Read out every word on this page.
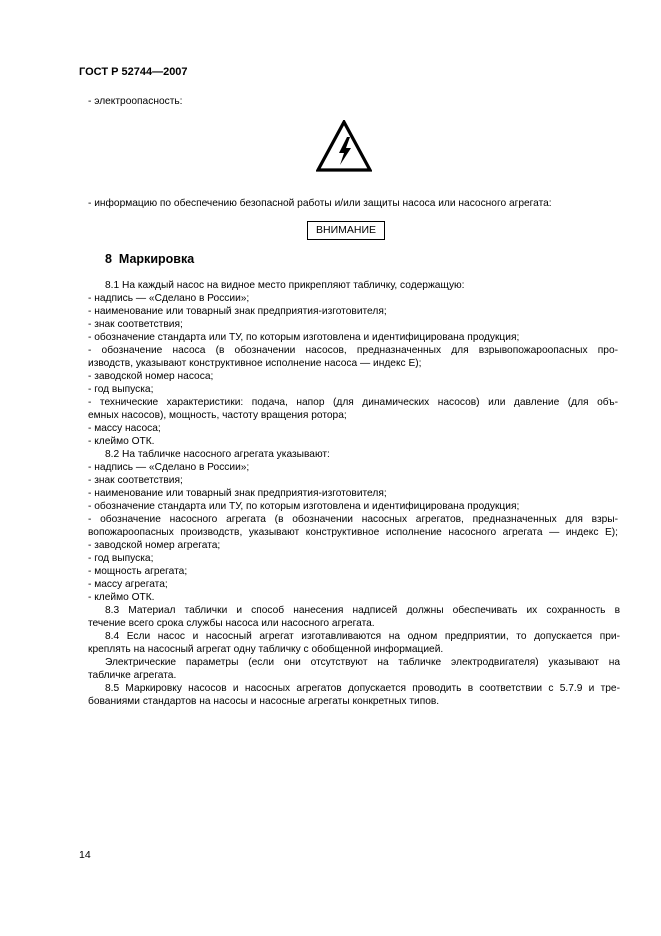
ГОСТ Р 52744—2007
- электроопасность:
- информацию по обеспечению безопасной работы и/или защиты насоса или насосного агрегата:
ВНИМАНИЕ
8 Маркировка
8.1 На каждый насос на видное место прикрепляют табличку, содержащую:
- надпись — «Сделано в России»;
- наименование или товарный знак предприятия-изготовителя;
- знак соответствия;
- обозначение стандарта или ТУ, по которым изготовлена и идентифицирована продукция;
- обозначение насоса (в обозначении насосов, предназначенных для взрывопожароопасных про-
изводств, указывают конструктивное исполнение насоса — индекс Е);
- заводской номер насоса;
- год выпуска;
- технические характеристики: подача, напор (для динамических насосов) или давление (для объ-
емных насосов), мощность, частоту вращения ротора;
- массу насоса;
- клеймо ОТК.
8.2 На табличке насосного агрегата указывают:
- надпись — «Сделано в России»;
- знак соответствия;
- наименование или товарный знак предприятия-изготовителя;
- обозначение стандарта или ТУ, по которым изготовлена и идентифицирована продукция;
- обозначение насосного агрегата (в обозначении насосных агрегатов, предназначенных для взры-
вопожароопасных производств, указывают конструктивное исполнение насосного агрегата — индекс Е);
- заводской номер агрегата;
- год выпуска;
- мощность агрегата;
- массу агрегата;
- клеймо ОТК.
8.3 Материал таблички и способ нанесения надписей должны обеспечивать их сохранность в
течение всего срока службы насоса или насосного агрегата.
8.4 Если насос и насосный агрегат изготавливаются на одном предприятии, то допускается при-
креплять на насосный агрегат одну табличку с обобщенной информацией.
Электрические параметры (если они отсутствуют на табличке электродвигателя) указывают на
табличке агрегата.
8.5 Маркировку насосов и насосных агрегатов допускается проводить в соответствии с 5.7.9 и тре-
бованиями стандартов на насосы и насосные агрегаты конкретных типов.
14
